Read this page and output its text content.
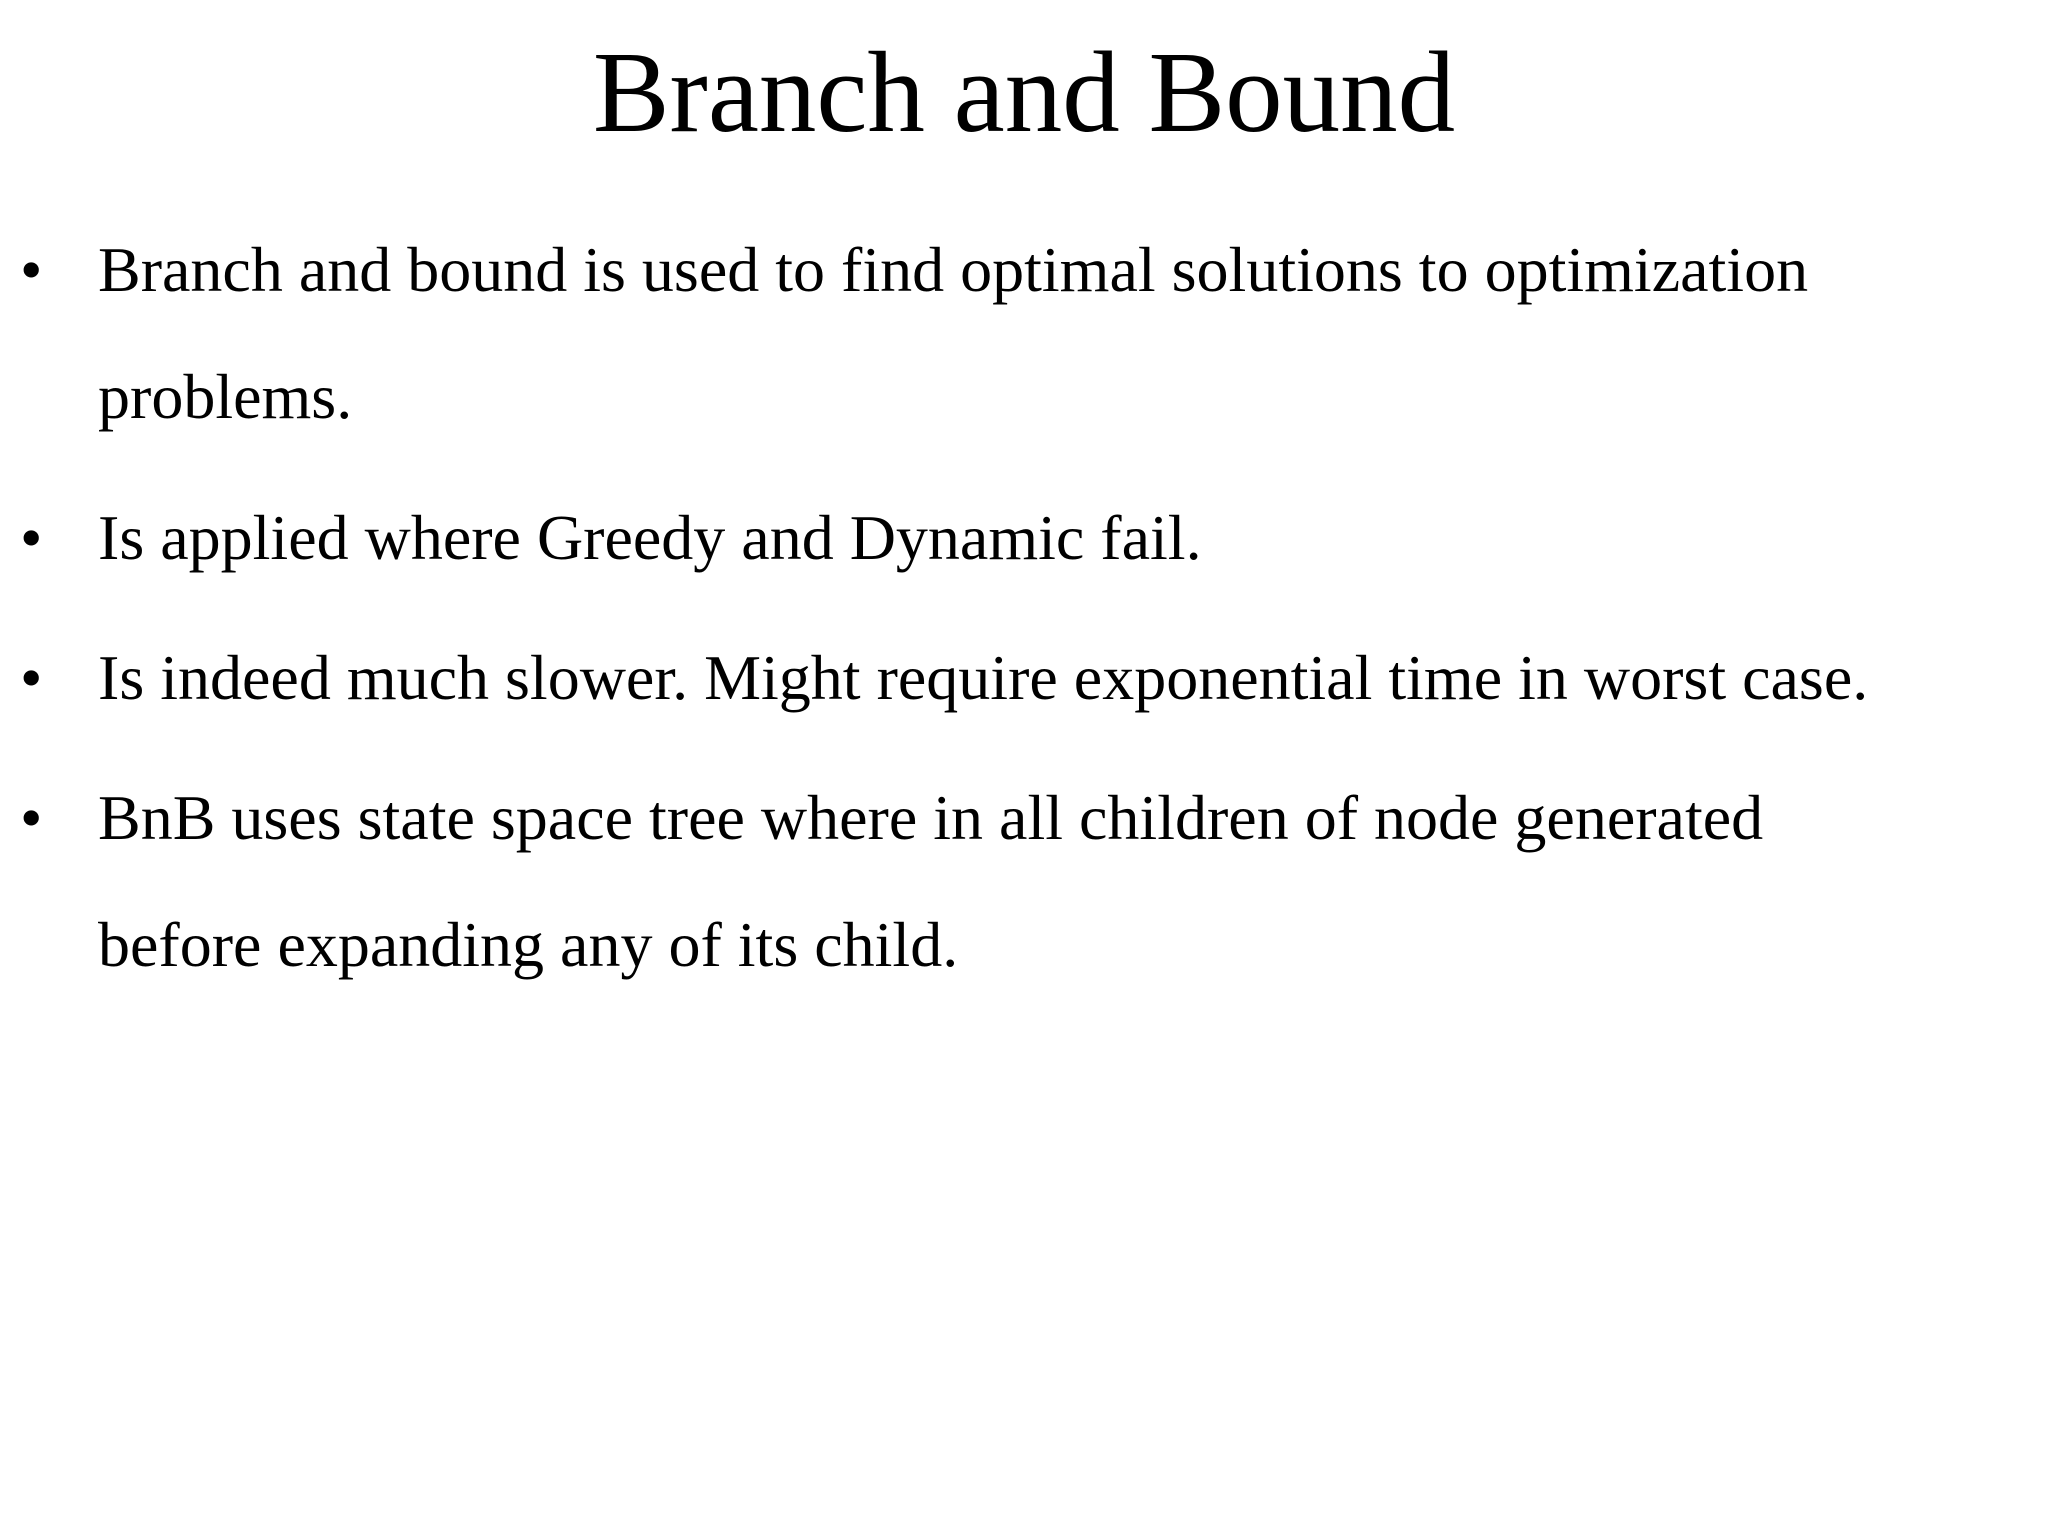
Branch and Bound
• Branch and bound is used to find optimal solutions to optimization
problems.
• Is applied where Greedy and Dynamic fail.
• Is indeed much slower. Might require exponential time in worst case.
• BnB uses state space tree where in all children of node generated
before expanding any of its child.
